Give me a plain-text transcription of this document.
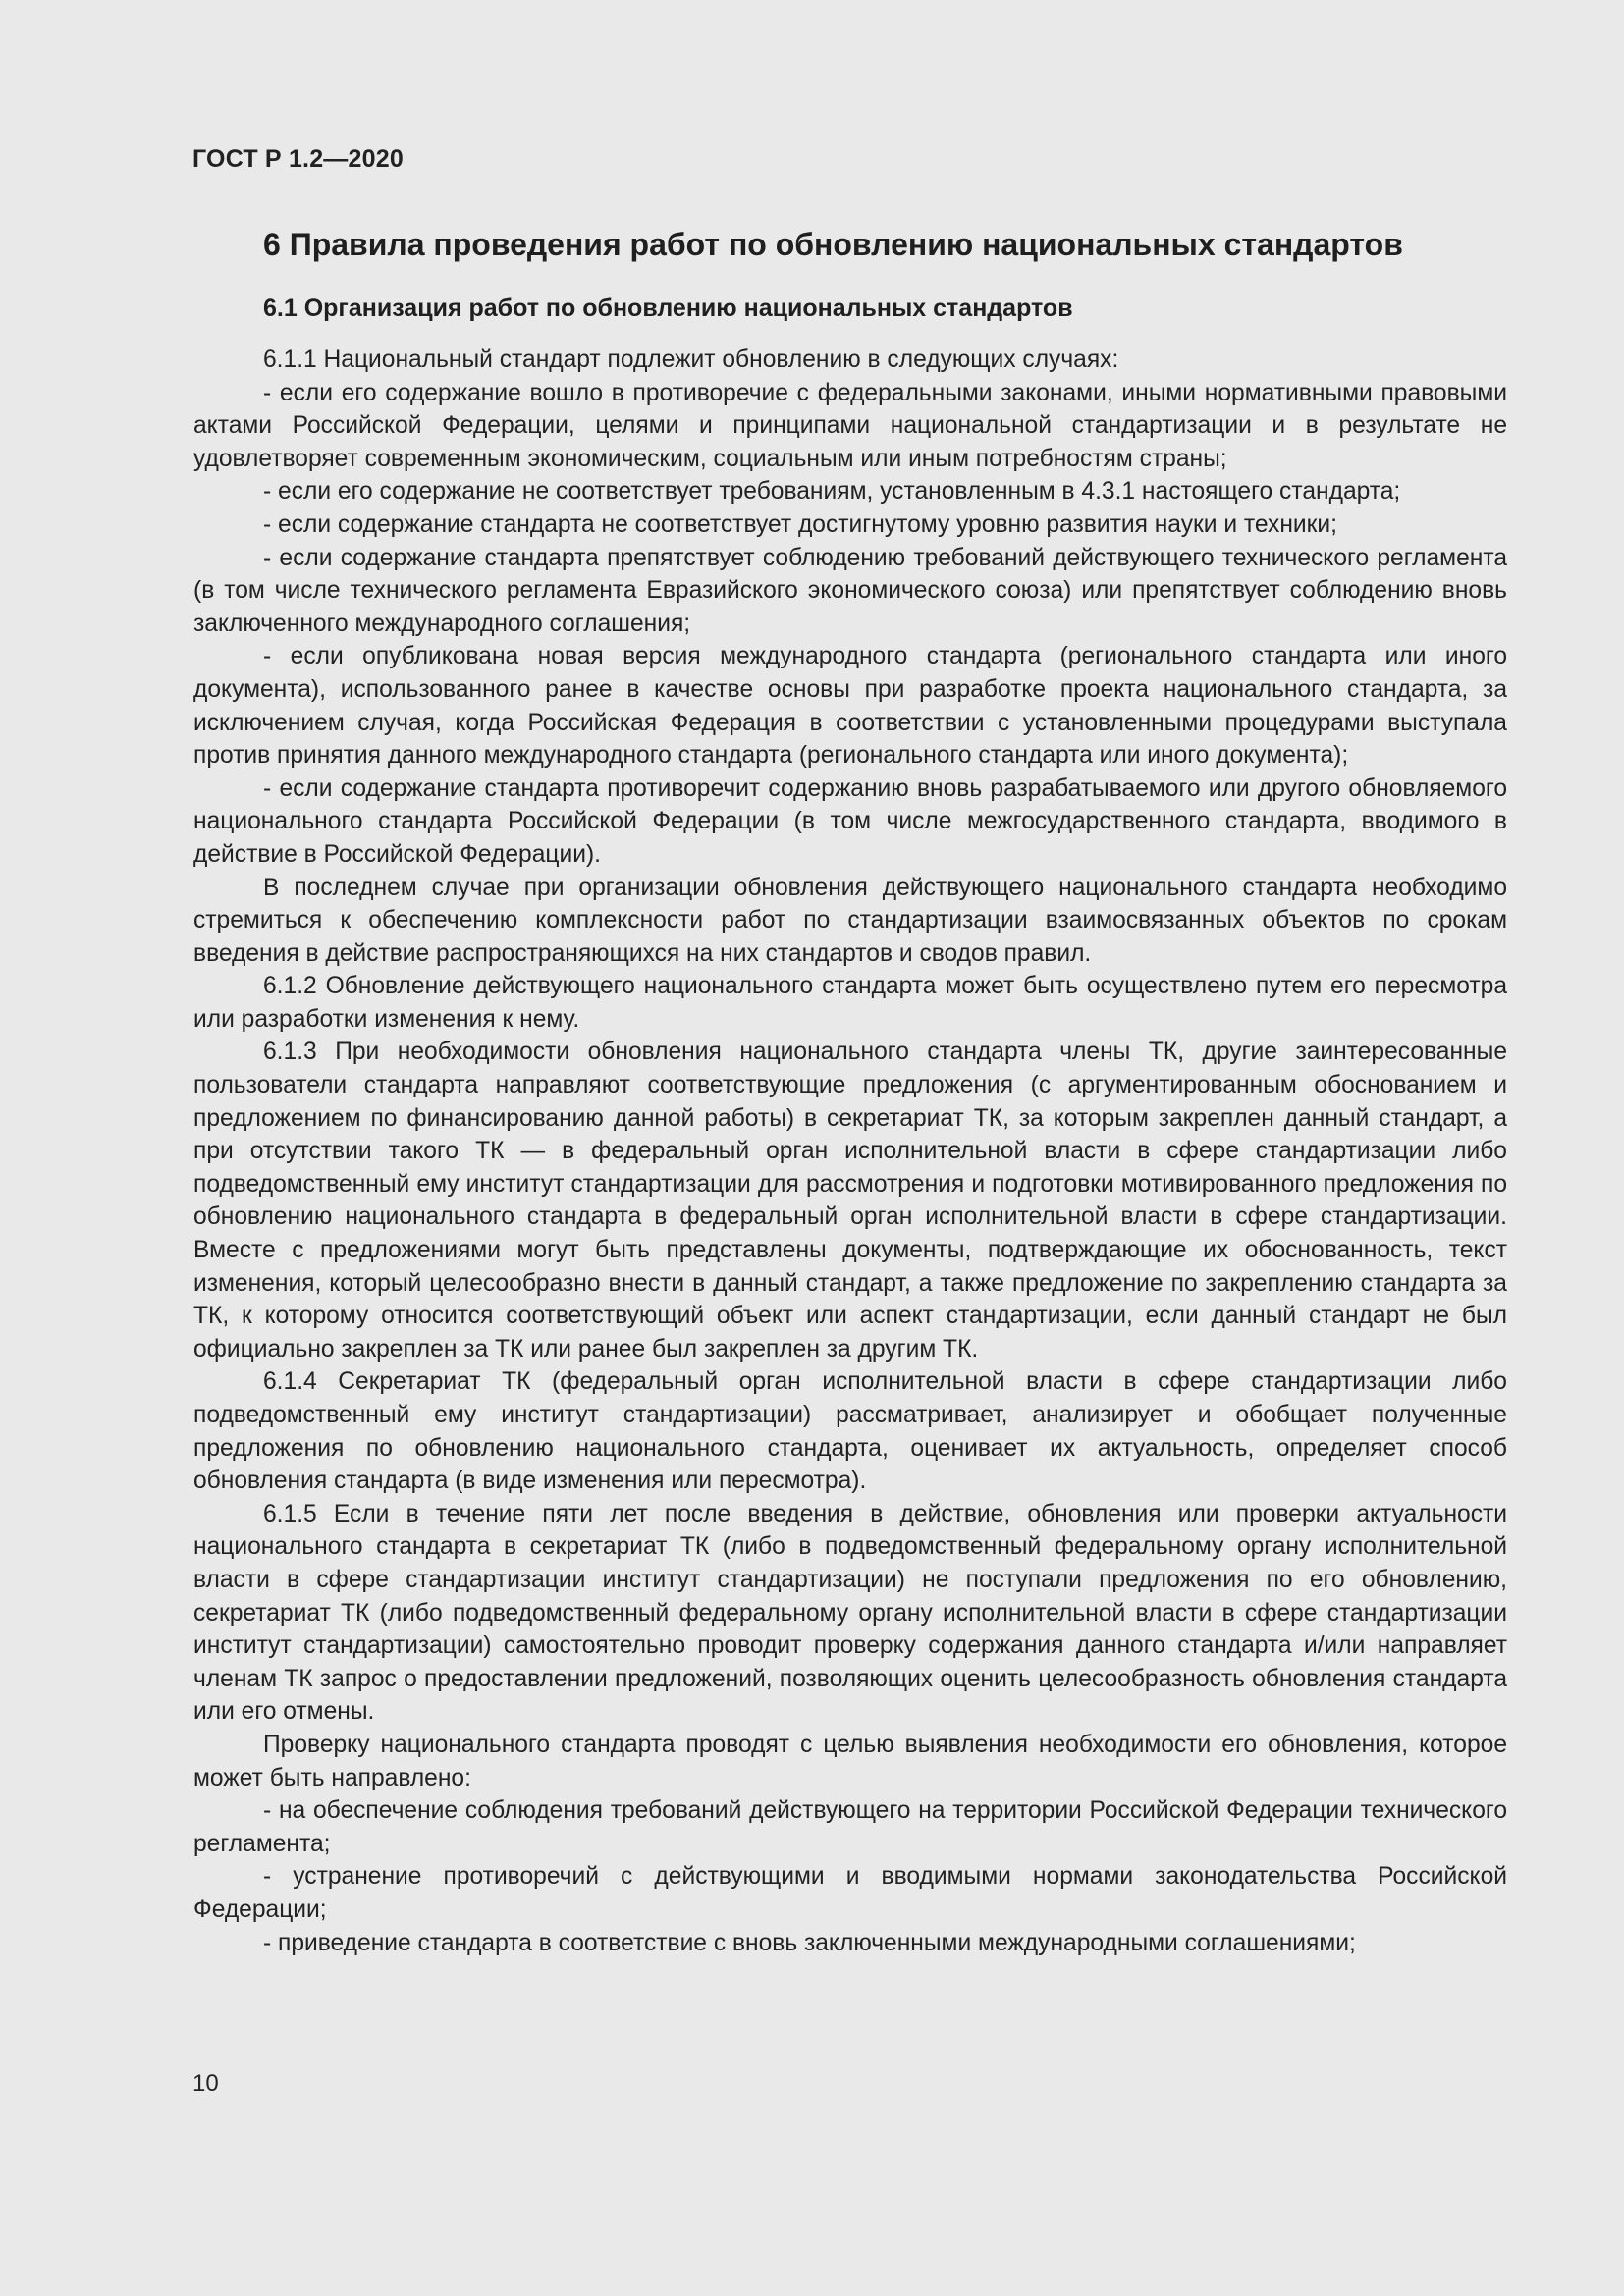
ГОСТ Р 1.2—2020
6 Правила проведения работ по обновлению национальных стандартов
6.1 Организация работ по обновлению национальных стандартов

6.1.1 Национальный стандарт подлежит обновлению в следующих случаях:

- если его содержание вошло в противоречие с федеральными законами, иными нормативными правовыми актами Российской Федерации, целями и принципами национальной стандартизации и в результате не удовлетворяет современным экономическим, социальным или иным потребностям страны;

- если его содержание не соответствует требованиям, установленным в 4.3.1 настоящего стандарта;

- если содержание стандарта не соответствует достигнутому уровню развития науки и техники;

- если содержание стандарта препятствует соблюдению требований действующего технического регламента (в том числе технического регламента Евразийского экономического союза) или препятствует соблюдению вновь заключенного международного соглашения;

- если опубликована новая версия международного стандарта (регионального стандарта или иного документа), использованного ранее в качестве основы при разработке проекта национального стандарта, за исключением случая, когда Российская Федерация в соответствии с установленными процедурами выступала против принятия данного международного стандарта (регионального стандарта или иного документа);

- если содержание стандарта противоречит содержанию вновь разрабатываемого или другого обновляемого национального стандарта Российской Федерации (в том числе межгосударственного стандарта, вводимого в действие в Российской Федерации).

В последнем случае при организации обновления действующего национального стандарта необходимо стремиться к обеспечению комплексности работ по стандартизации взаимосвязанных объектов по срокам введения в действие распространяющихся на них стандартов и сводов правил.

6.1.2 Обновление действующего национального стандарта может быть осуществлено путем его пересмотра или разработки изменения к нему.

6.1.3 При необходимости обновления национального стандарта члены ТК, другие заинтересованные пользователи стандарта направляют соответствующие предложения (с аргументированным обоснованием и предложением по финансированию данной работы) в секретариат ТК, за которым закреплен данный стандарт, а при отсутствии такого ТК — в федеральный орган исполнительной власти в сфере стандартизации либо подведомственный ему институт стандартизации для рассмотрения и подготовки мотивированного предложения по обновлению национального стандарта в федеральный орган исполнительной власти в сфере стандартизации. Вместе с предложениями могут быть представлены документы, подтверждающие их обоснованность, текст изменения, который целесообразно внести в данный стандарт, а также предложение по закреплению стандарта за ТК, к которому относится соответствующий объект или аспект стандартизации, если данный стандарт не был официально закреплен за ТК или ранее был закреплен за другим ТК.

6.1.4 Секретариат ТК (федеральный орган исполнительной власти в сфере стандартизации либо подведомственный ему институт стандартизации) рассматривает, анализирует и обобщает полученные предложения по обновлению национального стандарта, оценивает их актуальность, определяет способ обновления стандарта (в виде изменения или пересмотра).

6.1.5 Если в течение пяти лет после введения в действие, обновления или проверки актуальности национального стандарта в секретариат ТК (либо в подведомственный федеральному органу исполнительной власти в сфере стандартизации институт стандартизации) не поступали предложения по его обновлению, секретариат ТК (либо подведомственный федеральному органу исполнительной власти в сфере стандартизации институт стандартизации) самостоятельно проводит проверку содержания данного стандарта и/или направляет членам ТК запрос о предоставлении предложений, позволяющих оценить целесообразность обновления стандарта или его отмены.

Проверку национального стандарта проводят с целью выявления необходимости его обновления, которое может быть направлено:

- на обеспечение соблюдения требований действующего на территории Российской Федерации технического регламента;

- устранение противоречий с действующими и вводимыми нормами законодательства Российской Федерации;

- приведение стандарта в соответствие с вновь заключенными международными соглашениями;

10
